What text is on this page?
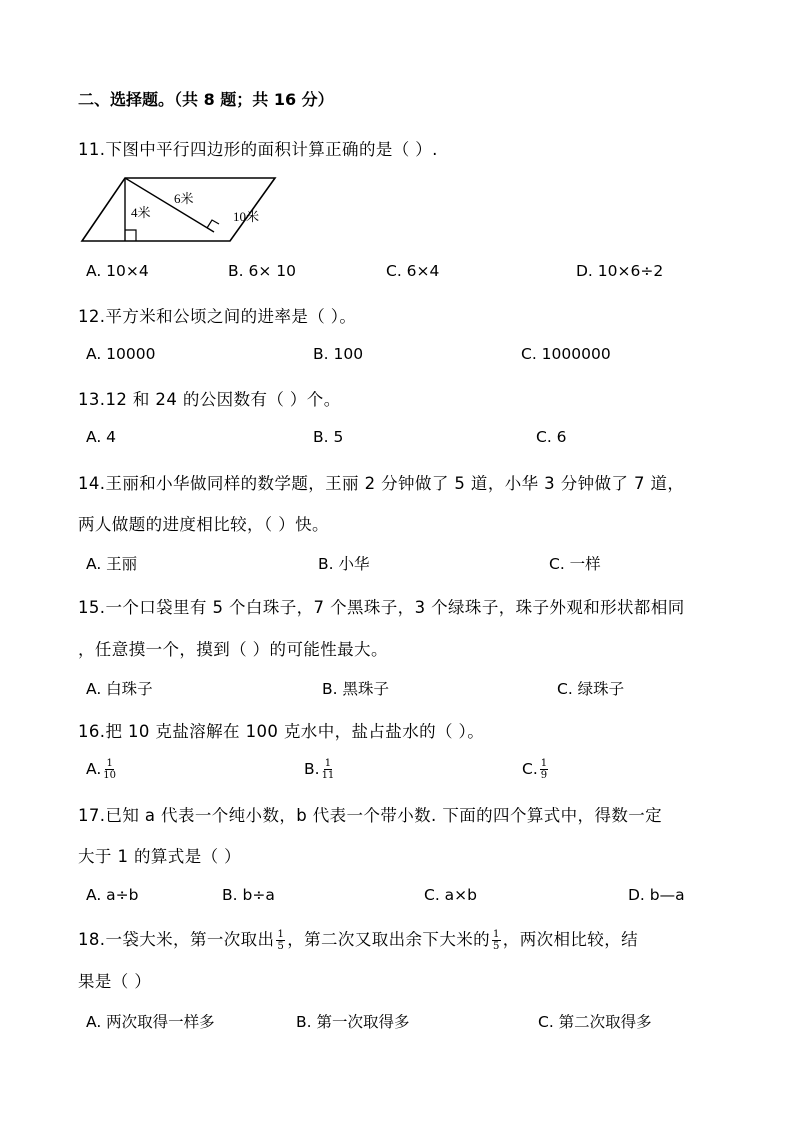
二、选择题。（共 8 题；共 16 分）
11.下图中平行四边形的面积计算正确的是（ ）.
6米
4米	10米
A. 10×4	B. 6× 10	C. 6×4	D. 10×6÷2
12.平方米和公顷之间的进率是（ ）。
A. 10000	B. 100	C. 1000000
13.12 和 24 的公因数有（ ）个。
A. 4	B. 5	C. 6
14.王丽和小华做同样的数学题，王丽 2 分钟做了 5 道，小华 3 分钟做了 7 道，
两人做题的进度相比较，（ ）快。
A. 王丽	B. 小华	C. 一样
15.一个口袋里有 5 个白珠子，7 个黑珠子，3 个绿珠子，珠子外观和形状都相同
，任意摸一个，摸到（ ）的可能性最大。
A. 白珠子	B. 黑珠子	C. 绿珠子
16.把 10 克盐溶解在 100 克水中，盐占盐水的（ ）。
A. $\frac{1}{10}$	B. $\frac{1}{11}$	C. $\frac{1}{9}$
17.已知 a 代表一个纯小数，b 代表一个带小数. 下面的四个算式中，得数一定
大于 1 的算式是（ ）
A. a÷b	B. b÷a	C. a×b	D. b—a
18.一袋大米，第一次取出 $\frac{1}{5}$ ，第二次又取出余下大米的 $\frac{1}{5}$ ，两次相比较，结
果是（ ）
A. 两次取得一样多	B. 第一次取得多	C. 第二次取得多
